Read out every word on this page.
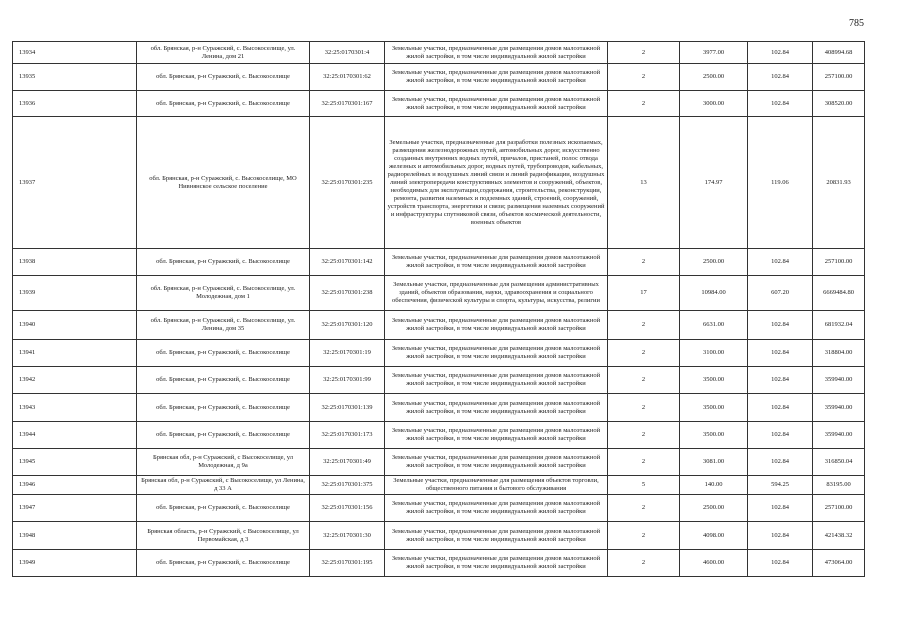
785
13934	обл. Брянская, р-н Суражский, с. Высокоселище, ул. Ленина, дом 21	32:25:0170301:4	Земельные участки, предназначенные для размещения домов малоэтажной жилой застройки, в том числе индивидуальной жилой застройки	2	3977.00	102.84	408994.68
13935	обл. Брянская, р-н Суражский, с. Высокоселище	32:25:0170301:62	Земельные участки, предназначенные для размещения домов малоэтажной жилой застройки, в том числе индивидуальной жилой застройки	2	2500.00	102.84	257100.00
13936	обл. Брянская, р-н Суражский, с. Высокоселище	32:25:0170301:167	Земельные участки, предназначенные для размещения домов малоэтажной жилой застройки, в том числе индивидуальной жилой застройки	2	3000.00	102.84	308520.00
13937	обл. Брянская, р-н Суражский, с. Высокоселище, МО Нивнянское сельское поселение	32:25:0170301:235	Земельные участки, предназначенные для разработки полезных ископаемых, размещения железнодорожных путей, автомобильных дорог, искусственно созданных внутренних водных путей, причалов, пристаней, полос отвода железных и автомобильных дорог, водных путей, трубопроводов, кабельных, радиорелейных и воздушных линий связи и линий радиофикации, воздушных линий электропередачи конструктивных элементов и сооружений, объектов, необходимых для эксплуатации,содержания, строительства, реконструкции, ремонта, развития наземных и подземных зданий, строений, сооружений, устройств транспорта, энергетики и связи; размещения наземных сооружений и инфраструктуры спутниковой связи, объектов космической деятельности, военных объектов	13	174.97	119.06	20831.93
13938	обл. Брянская, р-н Суражский, с. Высокоселище	32:25:0170301:142	Земельные участки, предназначенные для размещения домов малоэтажной жилой застройки, в том числе индивидуальной жилой застройки	2	2500.00	102.84	257100.00
13939	обл. Брянская, р-н Суражский, с. Высокоселище, ул. Молодежная, дом 1	32:25:0170301:238	Земельные участки, предназначенные для размещения административных зданий, объектов образования, науки, здравоохранения и социального обеспечения, физической культуры и спорта, культуры, искусства, религии	17	10984.00	607.20	6669484.80
13940	обл. Брянская, р-н Суражский, с. Высокоселище, ул. Ленина, дом 35	32:25:0170301:120	Земельные участки, предназначенные для размещения домов малоэтажной жилой застройки, в том числе индивидуальной жилой застройки	2	6631.00	102.84	681932.04
13941	обл. Брянская, р-н Суражский, с. Высокоселище	32:25:0170301:19	Земельные участки, предназначенные для размещения домов малоэтажной жилой застройки, в том числе индивидуальной жилой застройки	2	3100.00	102.84	318804.00
13942	обл. Брянская, р-н Суражский, с. Высокоселище	32:25:0170301:99	Земельные участки, предназначенные для размещения домов малоэтажной жилой застройки, в том числе индивидуальной жилой застройки	2	3500.00	102.84	359940.00
13943	обл. Брянская, р-н Суражский, с. Высокоселище	32:25:0170301:139	Земельные участки, предназначенные для размещения домов малоэтажной жилой застройки, в том числе индивидуальной жилой застройки	2	3500.00	102.84	359940.00
13944	обл. Брянская, р-н Суражский, с. Высокоселище	32:25:0170301:173	Земельные участки, предназначенные для размещения домов малоэтажной жилой застройки, в том числе индивидуальной жилой застройки	2	3500.00	102.84	359940.00
13945	Брянская обл, р-н Суражский, с Высокоселище, ул Молодежная, д 9а	32:25:0170301:49	Земельные участки, предназначенные для размещения домов малоэтажной жилой застройки, в том числе индивидуальной жилой застройки	2	3081.00	102.84	316850.04
13946	Брянская обл, р-н Суражский, с Высокоселище, ул Ленина, д 33 А	32:25:0170301:375	Земельные участки, предназначенные для размещения объектов торговли, общественного питания и бытового обслуживания	5	140.00	594.25	83195.00
13947	обл. Брянская, р-н Суражский, с. Высокоселище	32:25:0170301:156	Земельные участки, предназначенные для размещения домов малоэтажной жилой застройки, в том числе индивидуальной жилой застройки	2	2500.00	102.84	257100.00
13948	Брянская область, р-н Суражский, с Высокоселище, ул Первомайская, д 3	32:25:0170301:30	Земельные участки, предназначенные для размещения домов малоэтажной жилой застройки, в том числе индивидуальной жилой застройки	2	4098.00	102.84	421438.32
13949	обл. Брянская, р-н Суражский, с. Высокоселище	32:25:0170301:195	Земельные участки, предназначенные для размещения домов малоэтажной жилой застройки, в том числе индивидуальной жилой застройки	2	4600.00	102.84	473064.00
